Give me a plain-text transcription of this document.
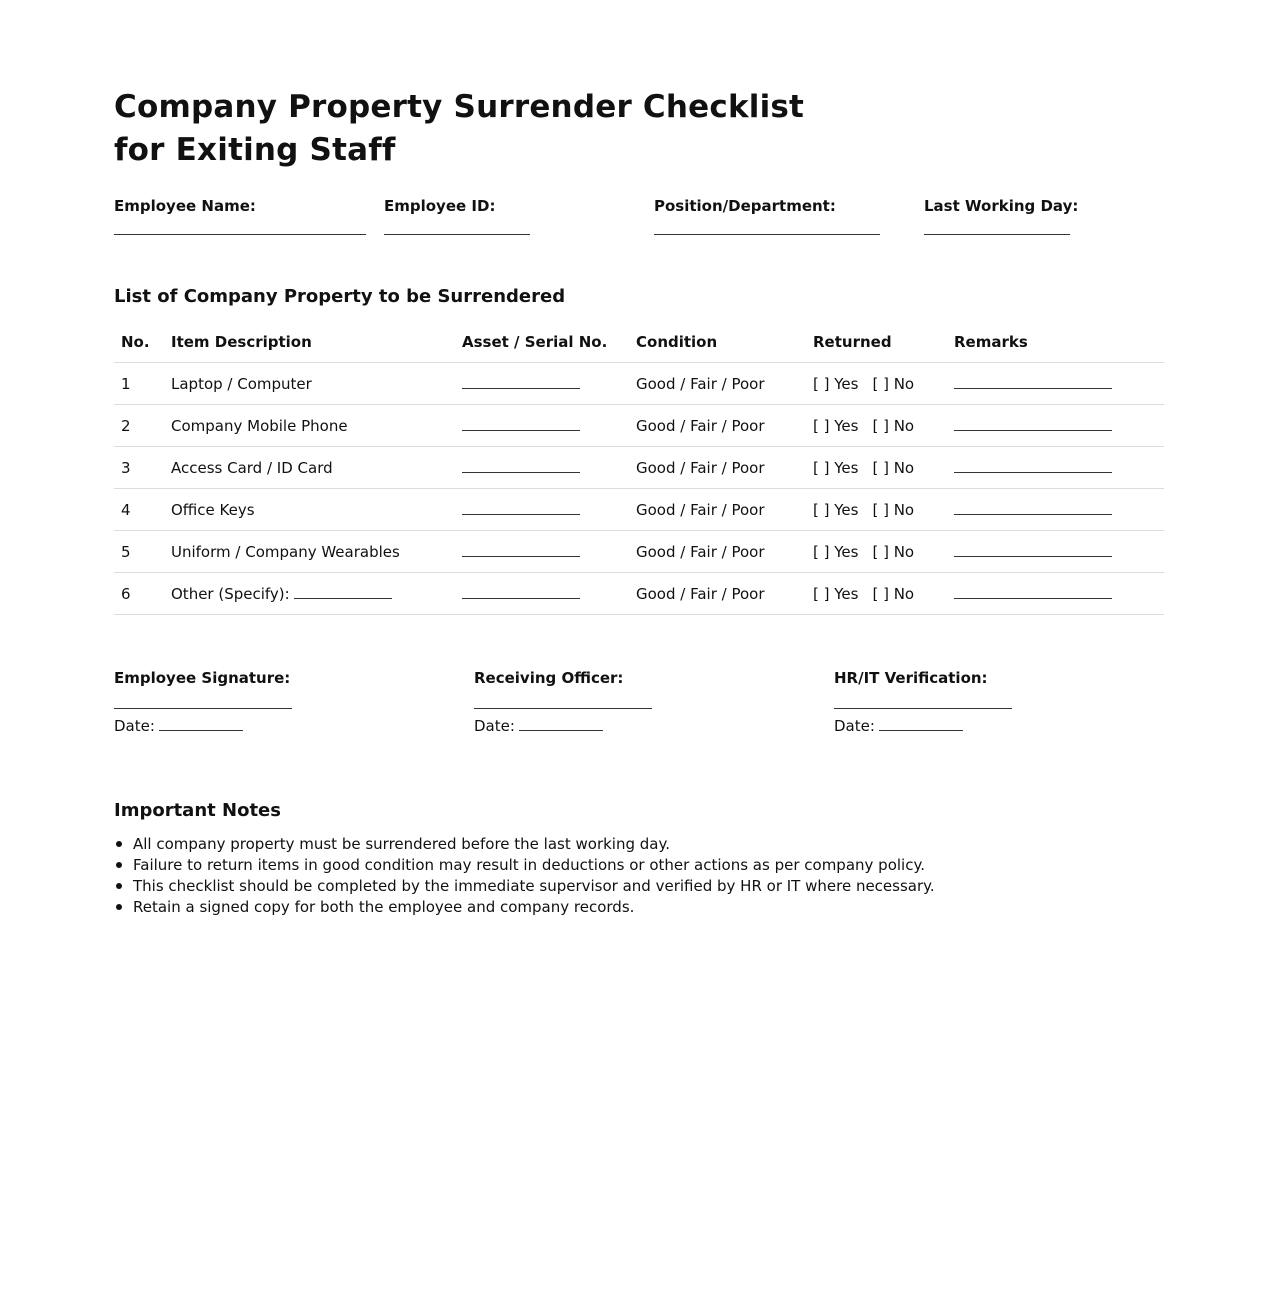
Company Property Surrender Checklist
for Exiting Staff
Employee Name:	Employee ID:	Position/Department:	Last Working Day:
List of Company Property to be Surrendered
No.	Item Description	Asset / Serial No.	Condition	Returned	Remarks
1	Laptop / Computer		Good / Fair / Poor	[ ] Yes [ ] No	
2	Company Mobile Phone		Good / Fair / Poor	[ ] Yes [ ] No	
3	Access Card / ID Card		Good / Fair / Poor	[ ] Yes [ ] No	
4	Office Keys		Good / Fair / Poor	[ ] Yes [ ] No	
5	Uniform / Company Wearables		Good / Fair / Poor	[ ] Yes [ ] No	
6	Other (Specify):		Good / Fair / Poor	[ ] Yes [ ] No	
Employee Signature:
Date:
Receiving Officer:
Date:
HR/IT Verification:
Date:
Important Notes
All company property must be surrendered before the last working day.
Failure to return items in good condition may result in deductions or other actions as per company policy.
This checklist should be completed by the immediate supervisor and verified by HR or IT where necessary.
Retain a signed copy for both the employee and company records.
